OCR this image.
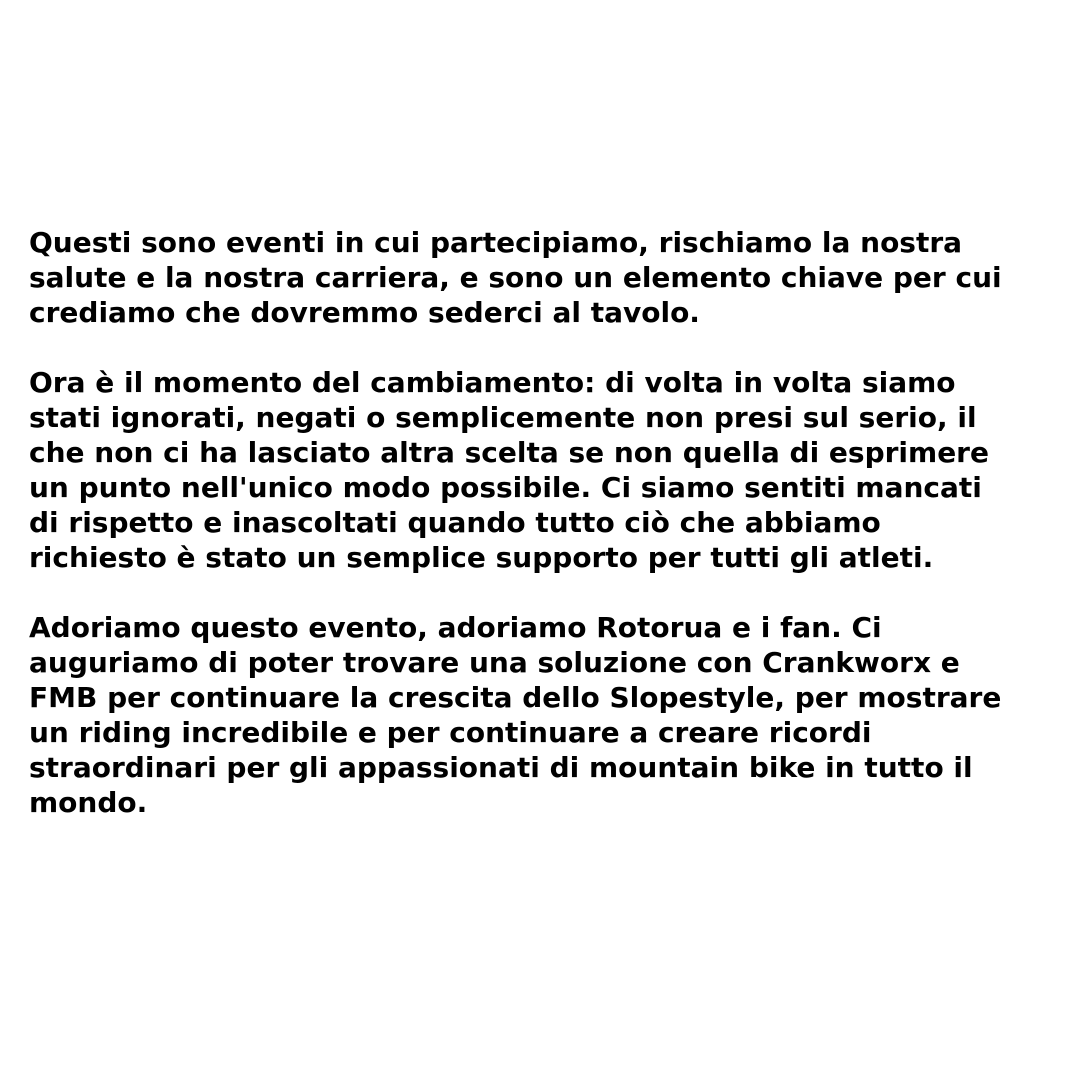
Questi sono eventi in cui partecipiamo, rischiamo la nostra
salute e la nostra carriera, e sono un elemento chiave per cui
crediamo che dovremmo sederci al tavolo.

Ora è il momento del cambiamento: di volta in volta siamo
stati ignorati, negati o semplicemente non presi sul serio, il
che non ci ha lasciato altra scelta se non quella di esprimere
un punto nell'unico modo possibile. Ci siamo sentiti mancati
di rispetto e inascoltati quando tutto ciò che abbiamo
richiesto è stato un semplice supporto per tutti gli atleti.

Adoriamo questo evento, adoriamo Rotorua e i fan. Ci
auguriamo di poter trovare una soluzione con Crankworx e
FMB per continuare la crescita dello Slopestyle, per mostrare
un riding incredibile e per continuare a creare ricordi
straordinari per gli appassionati di mountain bike in tutto il
mondo.
